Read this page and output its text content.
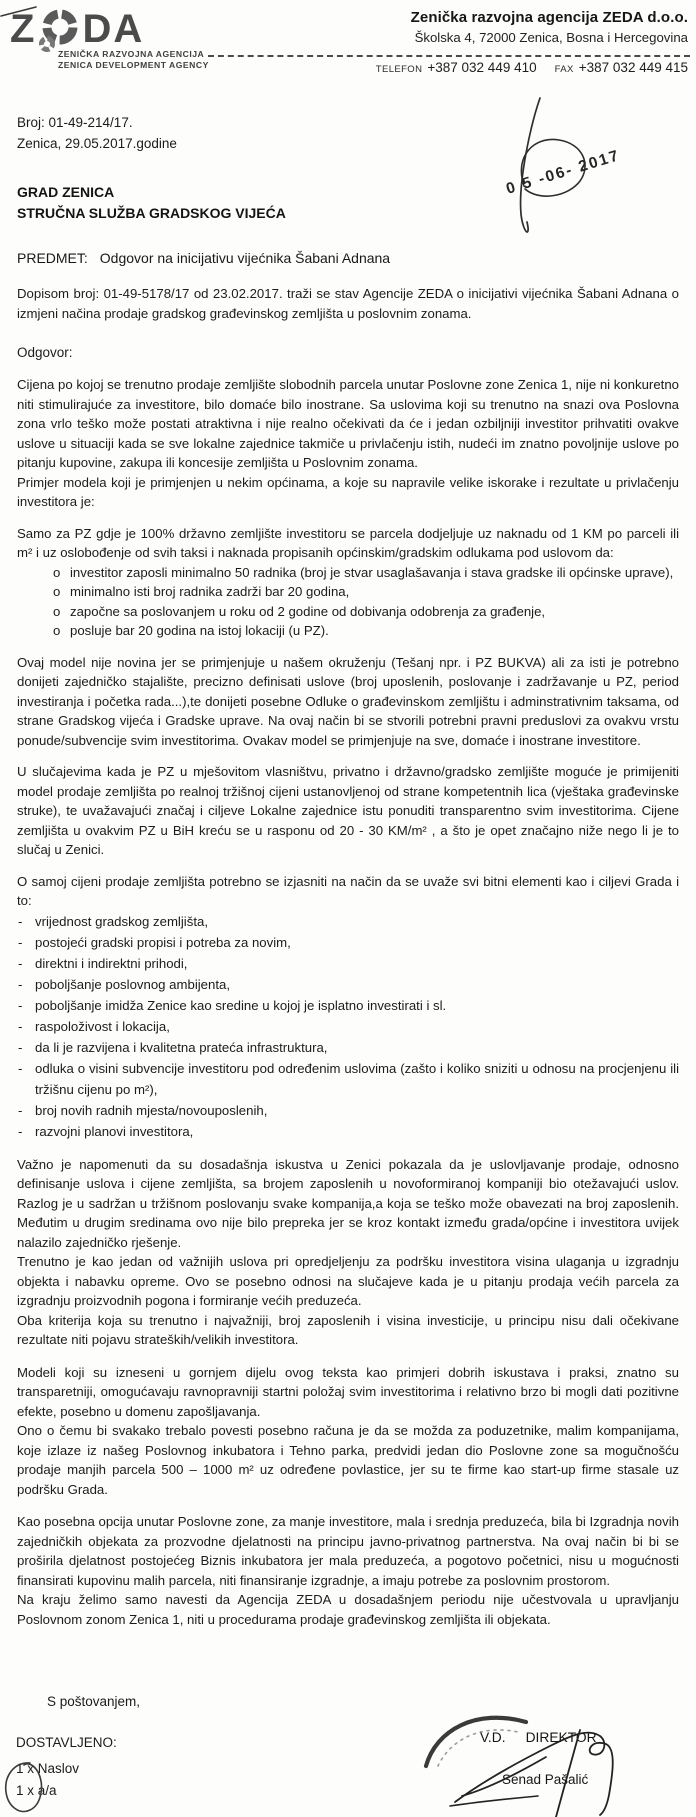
Z DA
ZENIČKA RAZVOJNA AGENCIJA
ZENICA DEVELOPMENT AGENCY
Zenička razvojna agencija ZEDA d.o.o.
Školska 4, 72000 Zenica, Bosna i Hercegovina
TELEFON +387 032 449 410 FAX +387 032 449 415
0 5 -06- 2017
Broj: 01-49-214/17.
Zenica, 29.05.2017.godine
GRAD ZENICA
STRUČNA SLUŽBA GRADSKOG VIJEĆA
PREDMET: Odgovor na inicijativu vijećnika Šabani Adnana
Dopisom broj: 01-49-5178/17 od 23.02.2017. traži se stav Agencije ZEDA o inicijativi vijećnika Šabani Adnana o izmjeni načina prodaje gradskog građevinskog zemljišta u poslovnim zonama.
Odgovor:
Cijena po kojoj se trenutno prodaje zemljište slobodnih parcela unutar Poslovne zone Zenica 1, nije ni konkuretno niti stimulirajuće za investitore, bilo domaće bilo inostrane. Sa uslovima koji su trenutno na snazi ova Poslovna zona vrlo teško može postati atraktivna i nije realno očekivati da će i jedan ozbiljniji investitor prihvatiti ovakve uslove u situaciji kada se sve lokalne zajednice takmiče u privlačenju istih, nudeći im znatno povoljnije uslove po pitanju kupovine, zakupa ili koncesije zemljišta u Poslovnim zonama.
Primjer modela koji je primjenjen u nekim općinama, a koje su napravile velike iskorake i rezultate u privlačenju investitora je:
Samo za PZ gdje je 100% državno zemljište investitoru se parcela dodjeljuje uz naknadu od 1 KM po parceli ili m² i uz oslobođenje od svih taksi i naknada propisanih općinskim/gradskim odlukama pod uslovom da:
o investitor zaposli minimalno 50 radnika (broj je stvar usaglašavanja i stava gradske ili općinske uprave),
o minimalno isti broj radnika zadrži bar 20 godina,
o započne sa poslovanjem u roku od 2 godine od dobivanja odobrenja za građenje,
o posluje bar 20 godina na istoj lokaciji (u PZ).
Ovaj model nije novina jer se primjenjuje u našem okruženju (Tešanj npr. i PZ BUKVA) ali za isti je potrebno donijeti zajedničko stajalište, precizno definisati uslove (broj uposlenih, poslovanje i zadržavanje u PZ, period investiranja i početka rada...),te donijeti posebne Odluke o građevinskom zemljištu i adminstrativnim taksama, od strane Gradskog vijeća i Gradske uprave. Na ovaj način bi se stvorili potrebni pravni preduslovi za ovakvu vrstu ponude/subvencije svim investitorima. Ovakav model se primjenjuje na sve, domaće i inostrane investitore.
U slučajevima kada je PZ u mješovitom vlasništvu, privatno i državno/gradsko zemljište moguće je primijeniti model prodaje zemljišta po realnoj tržišnoj cijeni ustanovljenoj od strane kompetentnih lica (vještaka građevinske struke), te uvažavajući značaj i ciljeve Lokalne zajednice istu ponuditi transparentno svim investitorima. Cijene zemljišta u ovakvim PZ u BiH kreću se u rasponu od 20 - 30 KM/m² , a što je opet značajno niže nego li je to slučaj u Zenici.
O samoj cijeni prodaje zemljišta potrebno se izjasniti na način da se uvaže svi bitni elementi kao i ciljevi Grada i to:
- vrijednost gradskog zemljišta,
- postojeći gradski propisi i potreba za novim,
- direktni i indirektni prihodi,
- poboljšanje poslovnog ambijenta,
- poboljšanje imidža Zenice kao sredine u kojoj je isplatno investirati i sl.
- raspoloživost i lokacija,
- da li je razvijena i kvalitetna prateća infrastruktura,
- odluka o visini subvencije investitoru pod određenim uslovima (zašto i koliko sniziti u odnosu na procjenjenu ili tržišnu cijenu po m²),
- broj novih radnih mjesta/novouposlenih,
- razvojni planovi investitora,
Važno je napomenuti da su dosadašnja iskustva u Zenici pokazala da je uslovljavanje prodaje, odnosno definisanje uslova i cijene zemljišta, sa brojem zaposlenih u novoformiranoj kompaniji bio otežavajući uslov. Razlog je u sadržan u tržišnom poslovanju svake kompanija,a koja se teško može obavezati na broj zaposlenih. Međutim u drugim sredinama ovo nije bilo prepreka jer se kroz kontakt između grada/općine i investitora uvijek nalazilo zajedničko rješenje.
Trenutno je kao jedan od važnijih uslova pri opredjeljenju za podršku investitora visina ulaganja u izgradnju objekta i nabavku opreme. Ovo se posebno odnosi na slučajeve kada je u pitanju prodaja većih parcela za izgradnju proizvodnih pogona i formiranje većih preduzeća.
Oba kriterija koja su trenutno i najvažniji, broj zaposlenih i visina investicije, u principu nisu dali očekivane rezultate niti pojavu strateških/velikih investitora.
Modeli koji su izneseni u gornjem dijelu ovog teksta kao primjeri dobrih iskustava i praksi, znatno su transparetniji, omogućavaju ravnopravniji startni položaj svim investitorima i relativno brzo bi mogli dati pozitivne efekte, posebno u domenu zapošljavanja.
Ono o čemu bi svakako trebalo povesti posebno računa je da se možda za poduzetnike, malim kompanijama, koje izlaze iz našeg Poslovnog inkubatora i Tehno parka, predvidi jedan dio Poslovne zone sa mogučnošću prodaje manjih parcela 500 – 1000 m² uz određene povlastice, jer su te firme kao start-up firme stasale uz podršku Grada.
Kao posebna opcija unutar Poslovne zone, za manje investitore, mala i srednja preduzeća, bila bi Izgradnja novih zajedničkih objekata za prozvodne djelatnosti na principu javno-privatnog partnerstva. Na ovaj način bi bi se proširila djelatnost postojećeg Biznis inkubatora jer mala preduzeća, a pogotovo početnici, nisu u mogućnosti finansirati kupovinu malih parcela, niti finansiranje izgradnje, a imaju potrebe za poslovnim prostorom.
Na kraju želimo samo navesti da Agencija ZEDA u dosadašnjem periodu nije učestvovala u upravljanju Poslovnom zonom Zenica 1, niti u procedurama prodaje građevinskog zemljišta ili objekata.
S poštovanjem,
DOSTAVLJENO:
1 x Naslov
1 x a/a
V.D. DIREKTOR
Senad Pašalić
